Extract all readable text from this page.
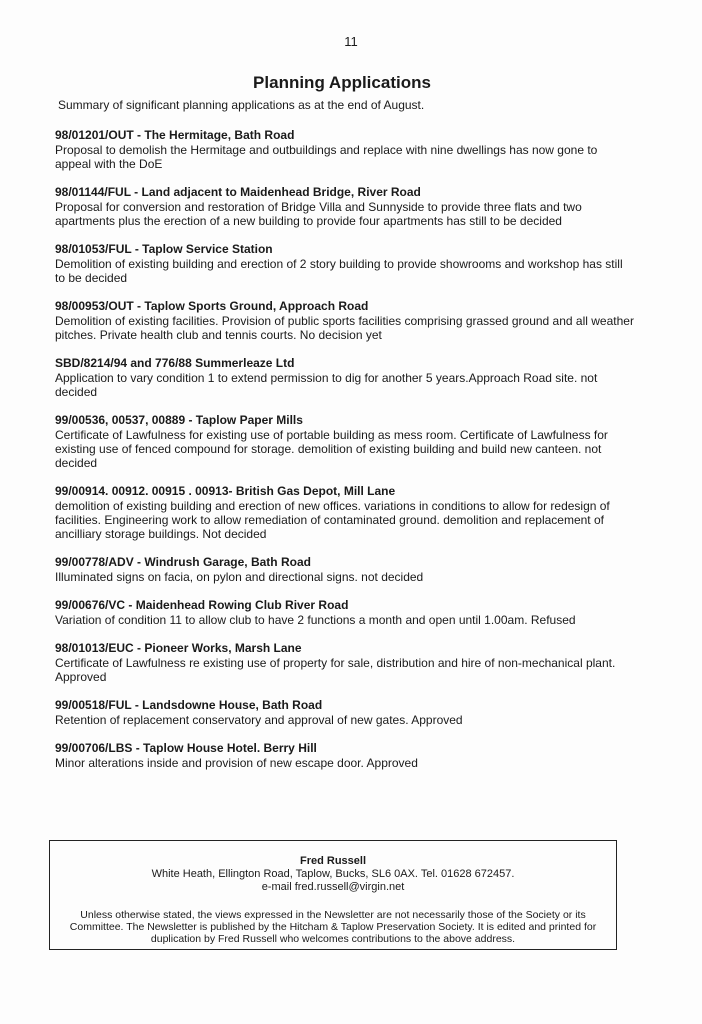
11
Planning Applications
Summary of significant planning applications as at the end of August.
98/01201/OUT - The Hermitage, Bath Road
Proposal to demolish the Hermitage and outbuildings and replace with nine dwellings has now gone to appeal with the DoE
98/01144/FUL - Land adjacent to Maidenhead Bridge, River Road
Proposal for conversion and restoration of Bridge Villa and Sunnyside to provide three flats and two apartments plus the erection of a new building to provide four apartments has still to be decided
98/01053/FUL - Taplow Service Station
Demolition of existing building and erection of 2 story building to provide showrooms and workshop has still to be decided
98/00953/OUT - Taplow Sports Ground, Approach Road
Demolition of existing facilities. Provision of public sports facilities comprising grassed ground and all weather pitches. Private health club and tennis courts. No decision yet
SBD/8214/94 and 776/88 Summerleaze Ltd
Application to vary condition 1 to extend permission to dig for another 5 years.Approach Road site. not decided
99/00536, 00537, 00889 - Taplow Paper Mills
Certificate of Lawfulness for existing use of portable building as mess room. Certificate of Lawfulness for existing use of fenced compound for storage. demolition of existing building and build new canteen. not decided
99/00914. 00912. 00915 . 00913- British Gas Depot, Mill Lane
demolition of existing building and erection of new offices. variations in conditions to allow for redesign of facilities. Engineering work to allow remediation of contaminated ground. demolition and replacement of ancilliary storage buildings. Not decided
99/00778/ADV - Windrush Garage, Bath Road
Illuminated signs on facia, on pylon and directional signs. not decided
99/00676/VC - Maidenhead Rowing Club River Road
Variation of condition 11 to allow club to have 2 functions a month and open until 1.00am. Refused
98/01013/EUC - Pioneer Works, Marsh Lane
Certificate of Lawfulness re existing use of property for sale, distribution and hire of non-mechanical plant. Approved
99/00518/FUL - Landsdowne House, Bath Road
Retention of replacement conservatory and approval of new gates. Approved
99/00706/LBS - Taplow House Hotel. Berry Hill
Minor alterations inside and provision of new escape door. Approved
Fred Russell
White Heath, Ellington Road, Taplow, Bucks, SL6 0AX. Tel. 01628 672457.
e-mail fred.russell@virgin.net
Unless otherwise stated, the views expressed in the Newsletter are not necessarily those of the Society or its Committee. The Newsletter is published by the Hitcham & Taplow Preservation Society. It is edited and printed for duplication by Fred Russell who welcomes contributions to the above address.
